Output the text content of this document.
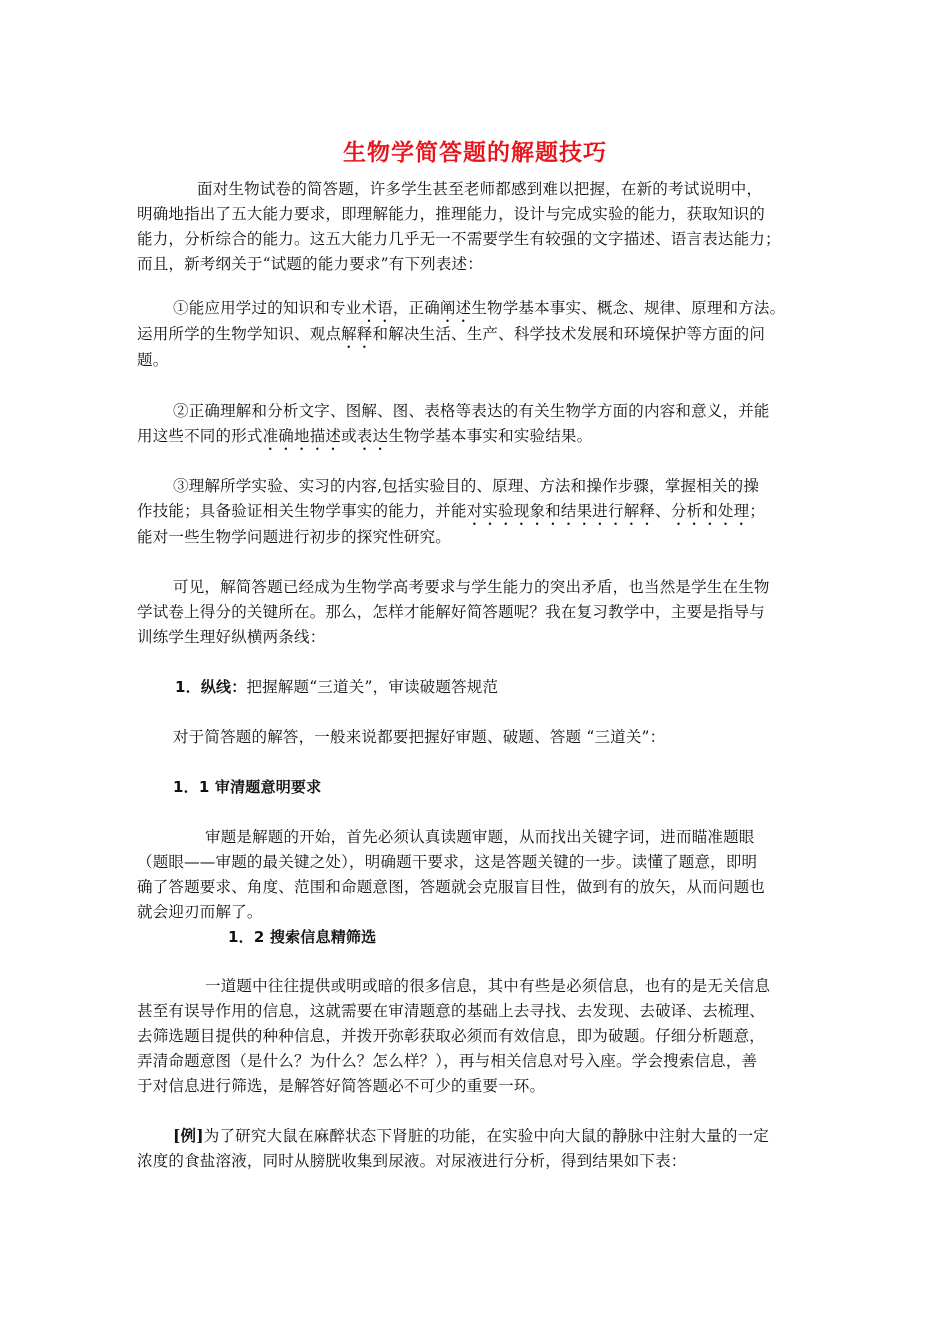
生物学简答题的解题技巧
面对生物试卷的简答题，许多学生甚至老师都感到难以把握，在新的考试说明中，
明确地指出了五大能力要求，即理解能力，推理能力，设计与完成实验的能力，获取知识的
能力，分析综合的能力。这五大能力几乎无一不需要学生有较强的文字描述、语言表达能力；
而且，新考纲关于“试题的能力要求”有下列表述：
①能应用学过的知识和专业术语，正确阐述生物学基本事实、概念、规律、原理和方法。
运用所学的生物学知识、观点解释和解决生活、生产、科学技术发展和环境保护等方面的问
题。
②正确理解和分析文字、图解、图、表格等表达的有关生物学方面的内容和意义，并能
用这些不同的形式准确地描述或表达生物学基本事实和实验结果。
③理解所学实验、实习的内容,包括实验目的、原理、方法和操作步骤，掌握相关的操
作技能；具备验证相关生物学事实的能力，并能对实验现象和结果进行解释、分析和处理；
能对一些生物学问题进行初步的探究性研究。
可见，解简答题已经成为生物学高考要求与学生能力的突出矛盾，也当然是学生在生物
学试卷上得分的关键所在。那么，怎样才能解好简答题呢？我在复习教学中，主要是指导与
训练学生理好纵横两条线：
1．纵线：把握解题“三道关”，审读破题答规范
对于简答题的解答，一般来说都要把握好审题、破题、答题 “三道关”：
1．1 审清题意明要求
审题是解题的开始，首先必须认真读题审题，从而找出关键字词，进而瞄准题眼
（题眼——审题的最关键之处），明确题干要求，这是答题关键的一步。读懂了题意，即明
确了答题要求、角度、范围和命题意图，答题就会克服盲目性，做到有的放矢，从而问题也
就会迎刃而解了。
1．2 搜索信息精筛选
一道题中往往提供或明或暗的很多信息，其中有些是必须信息，也有的是无关信息
甚至有误导作用的信息，这就需要在审清题意的基础上去寻找、去发现、去破译、去梳理、
去筛选题目提供的种种信息，并拨开弥彰获取必须而有效信息，即为破题。仔细分析题意，
弄清命题意图（是什么？为什么？怎么样？），再与相关信息对号入座。学会搜索信息，善
于对信息进行筛选，是解答好简答题必不可少的重要一环。
[例]为了研究大鼠在麻醉状态下肾脏的功能，在实验中向大鼠的静脉中注射大量的一定
浓度的食盐溶液，同时从膀胱收集到尿液。对尿液进行分析，得到结果如下表：
